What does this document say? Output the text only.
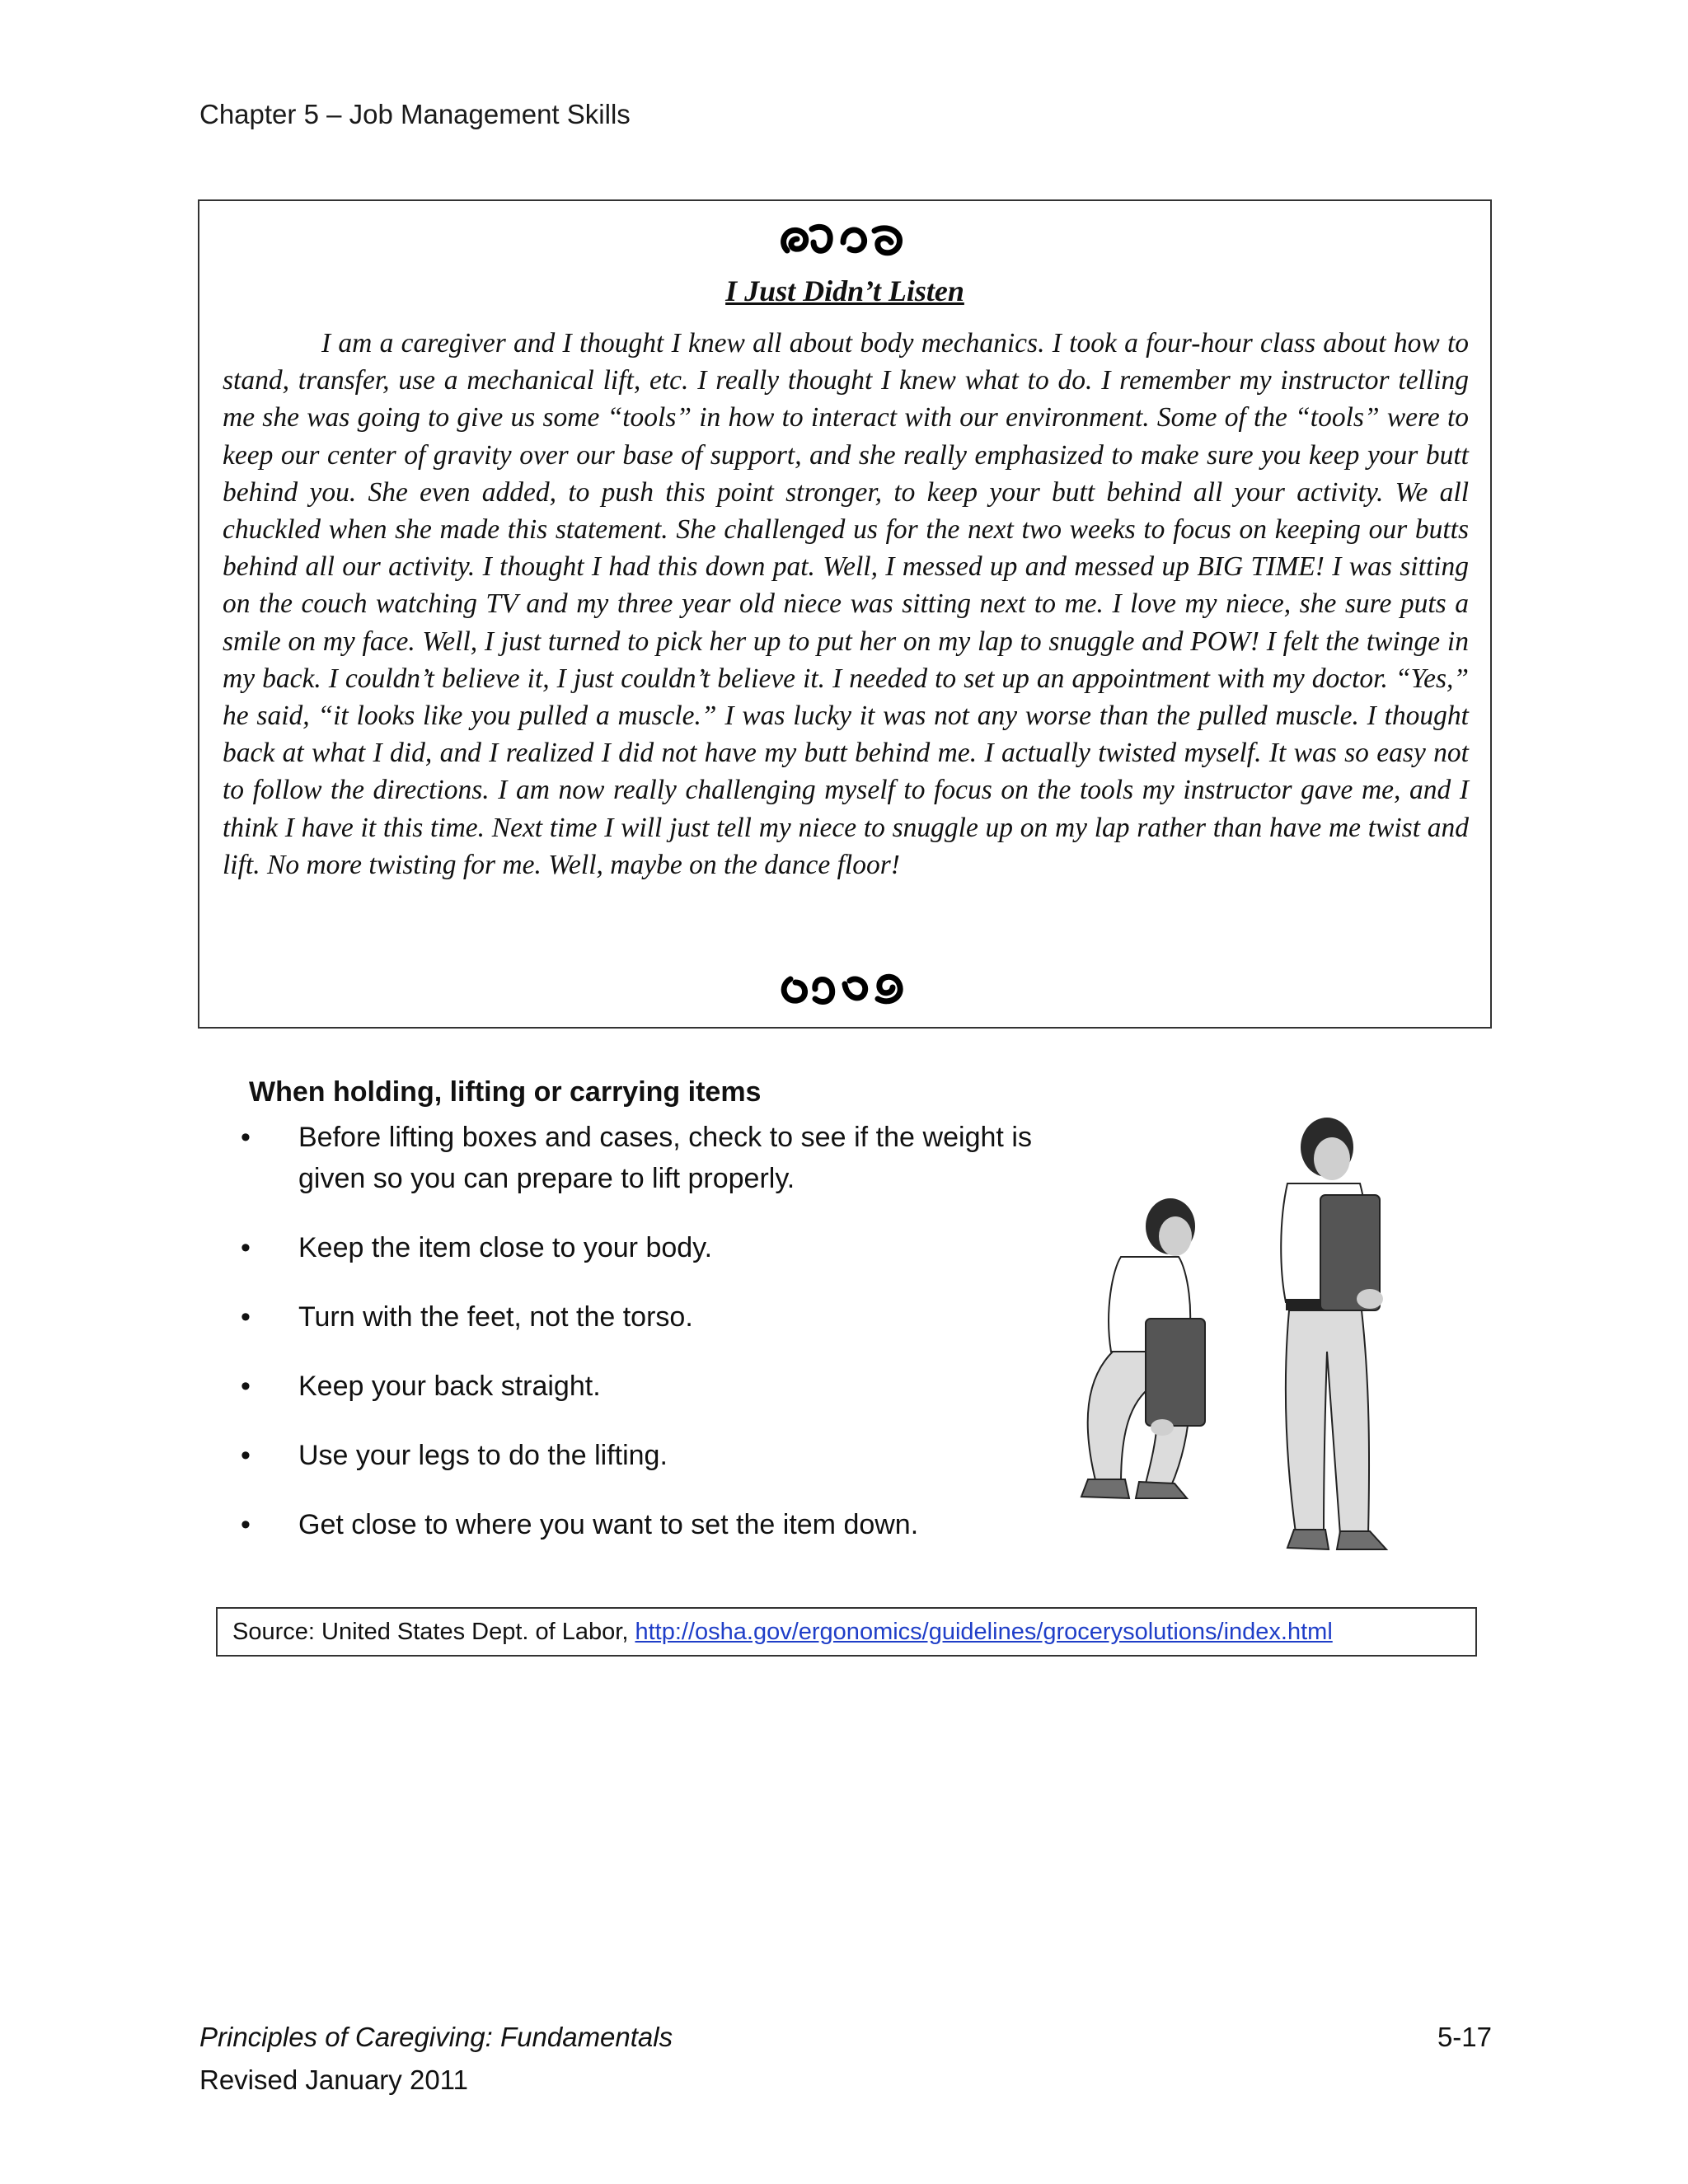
Chapter 5 – Job Management Skills
I Just Didn’t Listen

I am a caregiver and I thought I knew all about body mechanics. I took a four-hour class about how to stand, transfer, use a mechanical lift, etc. I really thought I knew what to do. I remember my instructor telling me she was going to give us some “tools” in how to interact with our environment. Some of the “tools” were to keep our center of gravity over our base of support, and she really emphasized to make sure you keep your butt behind you. She even added, to push this point stronger, to keep your butt behind all your activity. We all chuckled when she made this statement. She challenged us for the next two weeks to focus on keeping our butts behind all our activity. I thought I had this down pat. Well, I messed up and messed up BIG TIME! I was sitting on the couch watching TV and my three year old niece was sitting next to me. I love my niece, she sure puts a smile on my face. Well, I just turned to pick her up to put her on my lap to snuggle and POW! I felt the twinge in my back. I couldn’t believe it, I just couldn’t believe it. I needed to set up an appointment with my doctor. “Yes,” he said, “it looks like you pulled a muscle.” I was lucky it was not any worse than the pulled muscle. I thought back at what I did, and I realized I did not have my butt behind me. I actually twisted myself. It was so easy not to follow the directions. I am now really challenging myself to focus on the tools my instructor gave me, and I think I have it this time. Next time I will just tell my niece to snuggle up on my lap rather than have me twist and lift. No more twisting for me. Well, maybe on the dance floor!

When holding, lifting or carrying items
• Before lifting boxes and cases, check to see if the weight is given so you can prepare to lift properly.
• Keep the item close to your body.
• Turn with the feet, not the torso.
• Keep your back straight.
• Use your legs to do the lifting.
• Get close to where you want to set the item down.
Source: United States Dept. of Labor, http://osha.gov/ergonomics/guidelines/grocerysolutions/index.html
Principles of Caregiving: Fundamentals
Revised January 2011
5-17
